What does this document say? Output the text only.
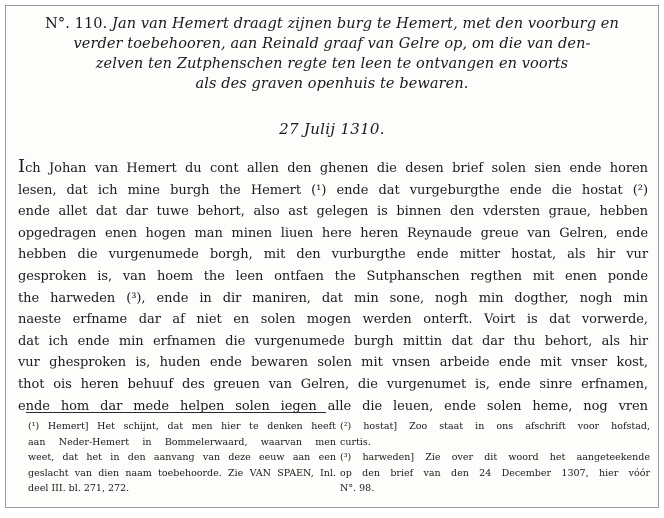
N°. 110. Jan van Hemert draagt zijnen burg te Hemert, met den voorburg en
verder toebehooren, aan Reinald graaf van Gelre op, om die van den-
zelven ten Zutphenschen regte ten leen te ontvangen en voorts
als des graven openhuis te bewaren.
27 Julij 1310.
Ich Johan van Hemert du cont allen den ghenen die desen brief solen sien ende horen
lesen, dat ich mine burgh the Hemert (¹) ende dat vurgeburgthe ende die hostat (²)
ende allet dat dar tuwe behort, also ast gelegen is binnen den vdersten graue, hebben
opgedragen enen hogen man minen liuen here heren Reynaude greue van Gelren, ende
hebben die vurgenumede borgh, mit den vurburgthe ende mitter hostat, als hir vur
gesproken is, van hoem the leen ontfaen the Sutphanschen regthen mit enen ponde
the harweden (³), ende in dir maniren, dat min sone, nogh min dogther, nogh min
naeste erfname dar af niet en solen mogen werden onterft. Voirt is dat vorwerde,
dat ich ende min erfnamen die vurgenumede burgh mittin dat dar thu behort, als hir
vur ghesproken is, huden ende bewaren solen mit vnsen arbeide ende mit vnser kost,
thot ois heren behuuf des greuen van Gelren, die vurgenumet is, ende sinre erfnamen,
ende hom dar mede helpen solen iegen alle die leuen, ende solen heme, nog vren
(¹) Hemert] Het schijnt, dat men hier te denken heeft
aan Neder-Hemert in Bommelerwaard, waarvan men
weet, dat het in den aanvang van deze eeuw aan een
geslacht van dien naam toebehoorde. Zie VAN SPAEN, Inl.
deel III. bl. 271, 272.
(²) hostat] Zoo staat in ons afschrift voor hofstad,
curtis.
(³) harweden] Zie over dit woord het aangeteekende
op den brief van den 24 December 1307, hier vóór
N°. 98.
